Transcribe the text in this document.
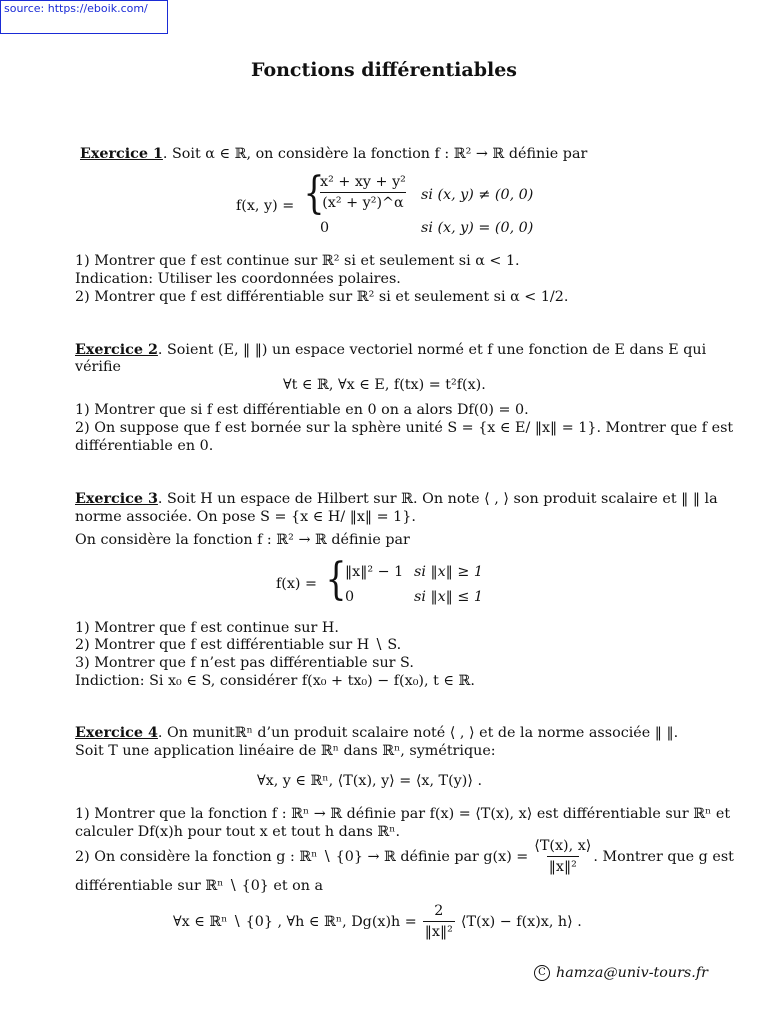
source: https://eboik.com/
Fonctions différentiables
Exercice 1. Soit α ∈ ℝ, on considère la fonction f : ℝ² → ℝ définie par
f(x, y) = {
$\frac{\text{x² + xy + y²}}{\text{(x² + y²)\textasciicircum{}α}}$ si (x, y) ≠ (0, 0)
0	si (x, y) = (0, 0)
1) Montrer que f est continue sur ℝ² si et seulement si α < 1.
Indication: Utiliser les coordonnées polaires.
2) Montrer que f est différentiable sur ℝ² si et seulement si α < 1/2.
Exercice 2. Soient (E, ‖ ‖) un espace vectoriel normé et f une fonction de E dans E qui
vérifie
∀t ∈ ℝ, ∀x ∈ E, f(tx) = t²f(x).
1) Montrer que si f est différentiable en 0 on a alors Df(0) = 0.
2) On suppose que f est bornée sur la sphère unité S = {x ∈ E/ ‖x‖ = 1}. Montrer que f est
différentiable en 0.
Exercice 3. Soit H un espace de Hilbert sur ℝ. On note ⟨ , ⟩ son produit scalaire et ‖ ‖ la
norme associée. On pose S = {x ∈ H/ ‖x‖ = 1}.
On considère la fonction f : ℝ² → ℝ définie par
f(x) = {
‖x‖² − 1 si ‖x‖ ≥ 1
0	si ‖x‖ ≤ 1
1) Montrer que f est continue sur H.
2) Montrer que f est différentiable sur H ∖ S.
3) Montrer que f n’est pas différentiable sur S.
Indiction: Si x₀ ∈ S, considérer f(x₀ + tx₀) − f(x₀), t ∈ ℝ.
Exercice 4. On munitℝⁿ d’un produit scalaire noté ⟨ , ⟩ et de la norme associée ‖ ‖.
Soit T une application linéaire de ℝⁿ dans ℝⁿ, symétrique:
∀x, y ∈ ℝⁿ, ⟨T(x), y⟩ = ⟨x, T(y)⟩ .
1) Montrer que la fonction f : ℝⁿ → ℝ définie par f(x) = ⟨T(x), x⟩ est différentiable sur ℝⁿ et
calculer Df(x)h pour tout x et tout h dans ℝⁿ.
2) On considère la fonction g : ℝⁿ ∖ {0} → ℝ définie par $g(x) = \frac{⟨T(x), x⟩}{\text{‖x‖²}}$ . Montrer que g est
différentiable sur ℝⁿ ∖ {0} et on a
∀x ∈ ℝⁿ ∖ {0} , ∀h ∈ ℝⁿ, $Dg(x)h = \frac{2}{\text{‖x‖²}}$ ⟨T(x) − f(x)x, h⟩ .
C hamza@univ-tours.fr
